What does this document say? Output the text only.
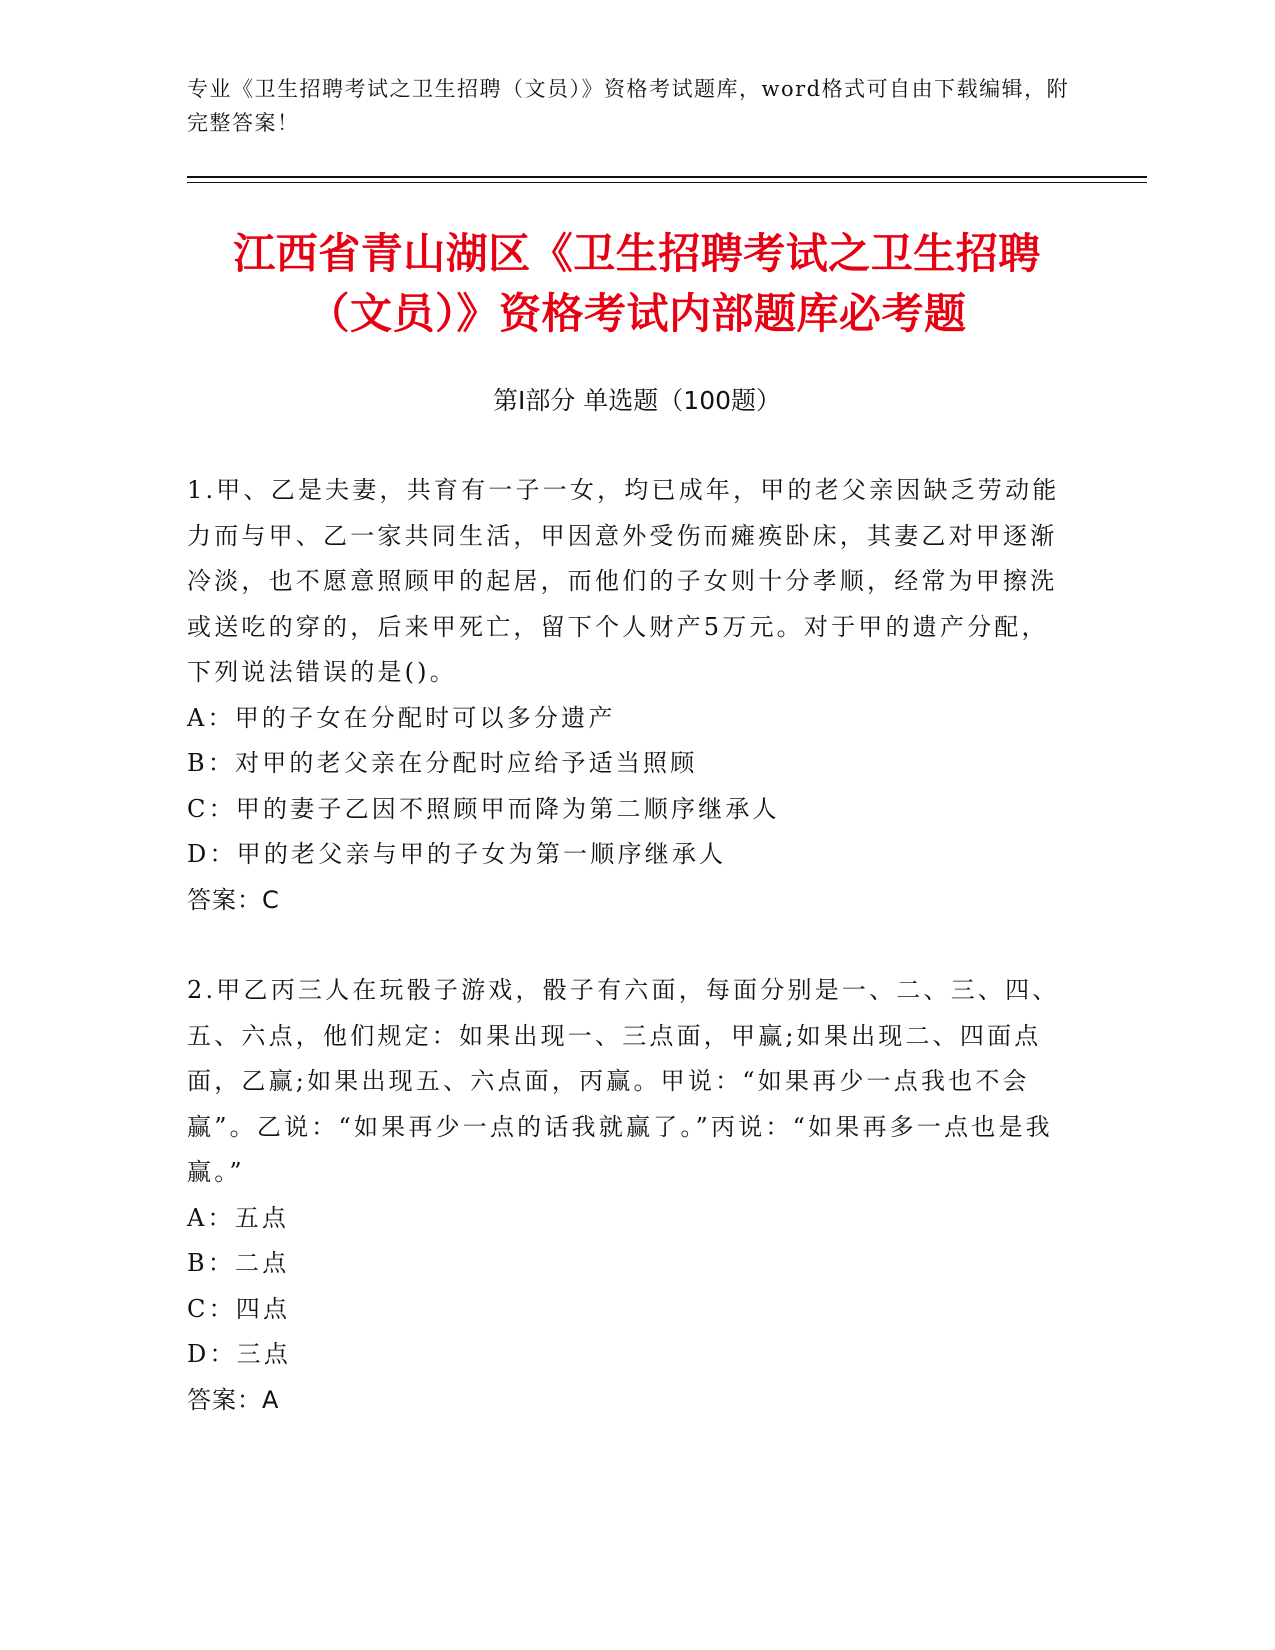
专业《卫生招聘考试之卫生招聘（文员）》资格考试题库，word格式可自由下载编辑，附完整答案！
江西省青山湖区《卫生招聘考试之卫生招聘
（文员）》资格考试内部题库必考题
第Ⅰ部分 单选题（100题）

1.甲、乙是夫妻，共育有一子一女，均已成年，甲的老父亲因缺乏劳动能力而与甲、乙一家共同生活，甲因意外受伤而瘫痪卧床，其妻乙对甲逐渐冷淡，也不愿意照顾甲的起居，而他们的子女则十分孝顺，经常为甲擦洗或送吃的穿的，后来甲死亡，留下个人财产5万元。对于甲的遗产分配，下列说法错误的是()。

A：甲的子女在分配时可以多分遗产

B：对甲的老父亲在分配时应给予适当照顾

C：甲的妻子乙因不照顾甲而降为第二顺序继承人

D：甲的老父亲与甲的子女为第一顺序继承人

答案：C

2.甲乙丙三人在玩骰子游戏，骰子有六面，每面分别是一、二、三、四、五、六点，他们规定：如果出现一、三点面，甲赢;如果出现二、四面点面，乙赢;如果出现五、六点面，丙赢。甲说：“如果再少一点我也不会赢”。乙说：“如果再少一点的话我就赢了。”丙说：“如果再多一点也是我赢。”

A：五点

B：二点

C：四点

D：三点

答案：A
